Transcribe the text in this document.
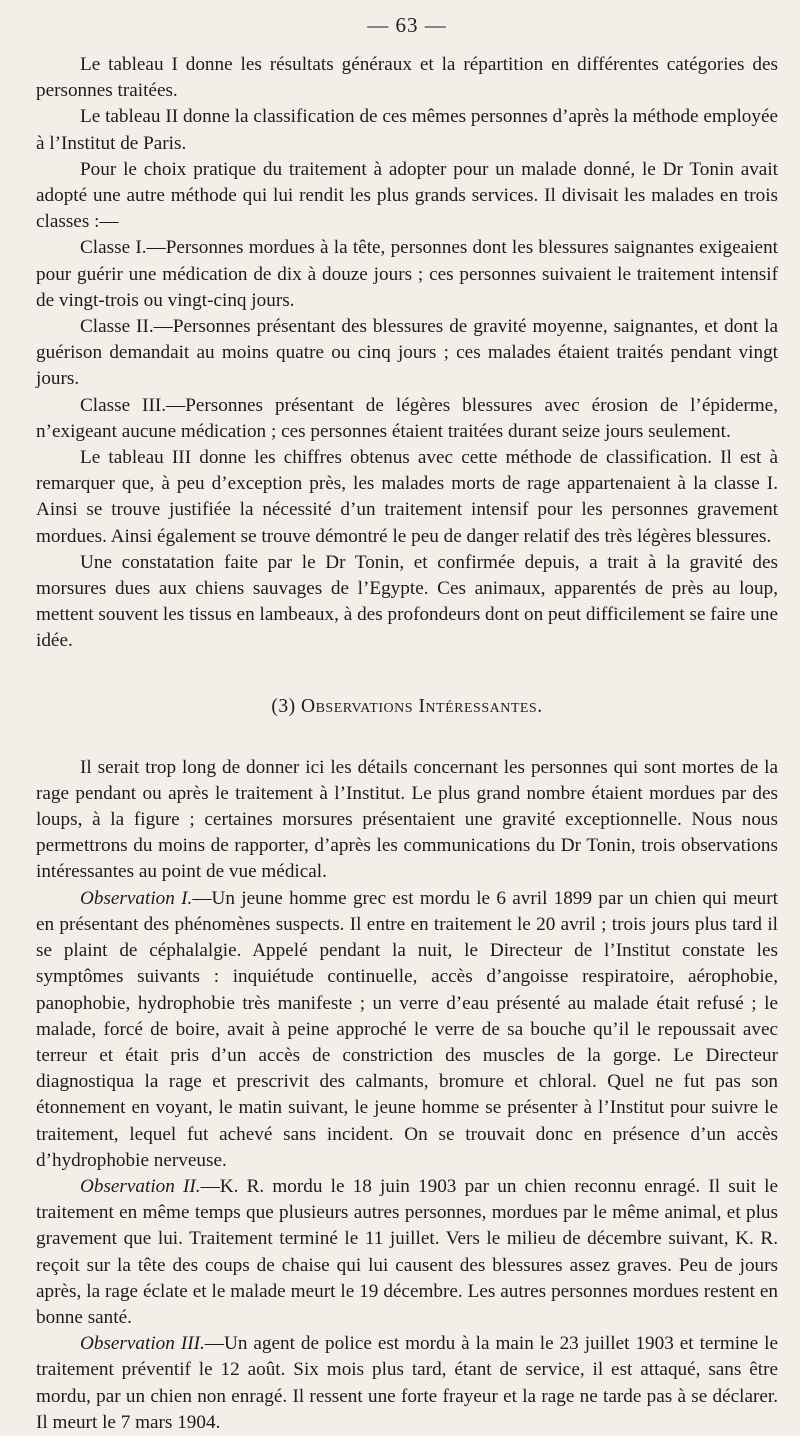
— 63 —

Le tableau I donne les résultats généraux et la répartition en différentes catégories des personnes traitées.

Le tableau II donne la classification de ces mêmes personnes d’après la méthode employée à l’Institut de Paris.

Pour le choix pratique du traitement à adopter pour un malade donné, le Dr Tonin avait adopté une autre méthode qui lui rendit les plus grands services. Il divisait les malades en trois classes :—

Classe I.—Personnes mordues à la tête, personnes dont les blessures saignantes exigeaient pour guérir une médication de dix à douze jours ; ces personnes suivaient le traitement intensif de vingt-trois ou vingt-cinq jours.

Classe II.—Personnes présentant des blessures de gravité moyenne, saignantes, et dont la guérison demandait au moins quatre ou cinq jours ; ces malades étaient traités pendant vingt jours.

Classe III.—Personnes présentant de légères blessures avec érosion de l’épiderme, n’exigeant aucune médication ; ces personnes étaient traitées durant seize jours seulement.

Le tableau III donne les chiffres obtenus avec cette méthode de classification. Il est à remarquer que, à peu d’exception près, les malades morts de rage appartenaient à la classe I. Ainsi se trouve justifiée la nécessité d’un traitement intensif pour les personnes gravement mordues. Ainsi également se trouve démontré le peu de danger relatif des très légères blessures.

Une constatation faite par le Dr Tonin, et confirmée depuis, a trait à la gravité des morsures dues aux chiens sauvages de l’Egypte. Ces animaux, apparentés de près au loup, mettent souvent les tissus en lambeaux, à des profondeurs dont on peut difficilement se faire une idée.

(3) Observations Intéressantes.

Il serait trop long de donner ici les détails concernant les personnes qui sont mortes de la rage pendant ou après le traitement à l’Institut. Le plus grand nombre étaient mordues par des loups, à la figure ; certaines morsures présentaient une gravité exceptionnelle. Nous nous permettrons du moins de rapporter, d’après les communications du Dr Tonin, trois observations intéressantes au point de vue médical.

Observation I.—Un jeune homme grec est mordu le 6 avril 1899 par un chien qui meurt en présentant des phénomènes suspects. Il entre en traitement le 20 avril ; trois jours plus tard il se plaint de céphalalgie. Appelé pendant la nuit, le Directeur de l’Institut constate les symptômes suivants : inquiétude continuelle, accès d’angoisse respiratoire, aérophobie, panophobie, hydrophobie très manifeste ; un verre d’eau présenté au malade était refusé ; le malade, forcé de boire, avait à peine approché le verre de sa bouche qu’il le repoussait avec terreur et était pris d’un accès de constriction des muscles de la gorge. Le Directeur diagnostiqua la rage et prescrivit des calmants, bromure et chloral. Quel ne fut pas son étonnement en voyant, le matin suivant, le jeune homme se présenter à l’Institut pour suivre le traitement, lequel fut achevé sans incident. On se trouvait donc en présence d’un accès d’hydrophobie nerveuse.

Observation II.—K. R. mordu le 18 juin 1903 par un chien reconnu enragé. Il suit le traitement en même temps que plusieurs autres personnes, mordues par le même animal, et plus gravement que lui. Traitement terminé le 11 juillet. Vers le milieu de décembre suivant, K. R. reçoit sur la tête des coups de chaise qui lui causent des blessures assez graves. Peu de jours après, la rage éclate et le malade meurt le 19 décembre. Les autres personnes mordues restent en bonne santé.

Observation III.—Un agent de police est mordu à la main le 23 juillet 1903 et termine le traitement préventif le 12 août. Six mois plus tard, étant de service, il est attaqué, sans être mordu, par un chien non enragé. Il ressent une forte frayeur et la rage ne tarde pas à se déclarer. Il meurt le 7 mars 1904.
